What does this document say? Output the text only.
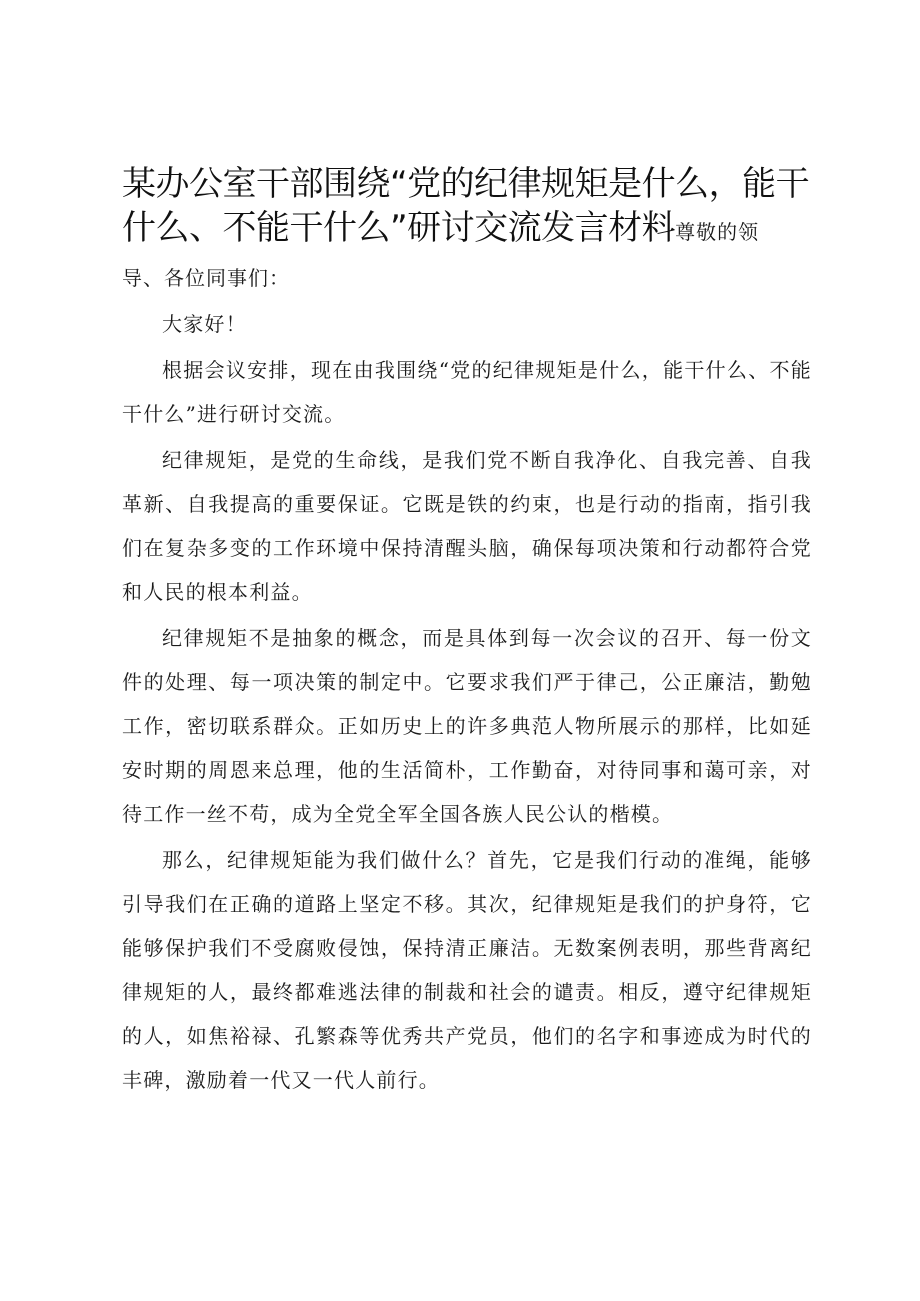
某办公室干部围绕“党的纪律规矩是什么，能干什么、不能干什么”研讨交流发言材料尊敬的领

导、各位同事们：

大家好！

根据会议安排，现在由我围绕“党的纪律规矩是什么，能干什么、不能干什么”进行研讨交流。

纪律规矩，是党的生命线，是我们党不断自我净化、自我完善、自我革新、自我提高的重要保证。它既是铁的约束，也是行动的指南，指引我们在复杂多变的工作环境中保持清醒头脑，确保每项决策和行动都符合党和人民的根本利益。

纪律规矩不是抽象的概念，而是具体到每一次会议的召开、每一份文件的处理、每一项决策的制定中。它要求我们严于律己，公正廉洁，勤勉工作，密切联系群众。正如历史上的许多典范人物所展示的那样，比如延安时期的周恩来总理，他的生活简朴，工作勤奋，对待同事和蔼可亲，对待工作一丝不苟，成为全党全军全国各族人民公认的楷模。

那么，纪律规矩能为我们做什么？首先，它是我们行动的准绳，能够引导我们在正确的道路上坚定不移。其次，纪律规矩是我们的护身符，它能够保护我们不受腐败侵蚀，保持清正廉洁。无数案例表明，那些背离纪律规矩的人，最终都难逃法律的制裁和社会的谴责。相反，遵守纪律规矩的人，如焦裕禄、孔繁森等优秀共产党员，他们的名字和事迹成为时代的丰碑，激励着一代又一代人前行。
